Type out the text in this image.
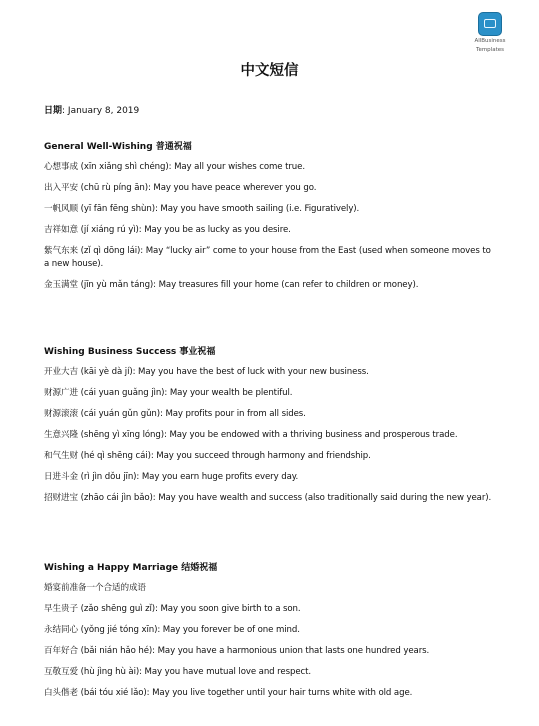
AllBusiness
Templates
中文短信
日期: January 8, 2019
General Well-Wishing 普通祝福
心想事成 (xīn xiǎng shì chéng): May all your wishes come true.
出入平安 (chū rù píng ān): May you have peace wherever you go.
一帆风顺 (yī fān fēng shùn): May you have smooth sailing (i.e. Figuratively).
吉祥如意 (jí xiáng rú yì): May you be as lucky as you desire.
紫气东来 (zǐ qì dōng lái): May “lucky air” come to your house from the East (used when someone moves to a new house).
金玉满堂 (jīn yù mǎn táng): May treasures fill your home (can refer to children or money).
Wishing Business Success 事业祝福
开业大吉 (kāi yè dà jí): May you have the best of luck with your new business.
财源广进 (cái yuan guǎng jìn): May your wealth be plentiful.
财源滚滚 (cái yuán gǔn gǔn): May profits pour in from all sides.
生意兴隆 (shēng yì xīng lóng): May you be endowed with a thriving business and prosperous trade.
和气生财 (hé qì shēng cái): May you succeed through harmony and friendship.
日进斗金 (rì jìn dǒu jīn): May you earn huge profits every day.
招财进宝 (zhāo cái jìn bǎo): May you have wealth and success (also traditionally said during the new year).
Wishing a Happy Marriage 结婚祝福
婚宴前准备一个合适的成语
早生贵子 (zǎo shēng guì zǐ): May you soon give birth to a son.
永结同心 (yǒng jié tóng xīn): May you forever be of one mind.
百年好合 (bǎi nián hǎo hé): May you have a harmonious union that lasts one hundred years.
互敬互爱 (hù jìng hù ài): May you have mutual love and respect.
白头偕老 (bái tóu xié lǎo): May you live together until your hair turns white with old age.
